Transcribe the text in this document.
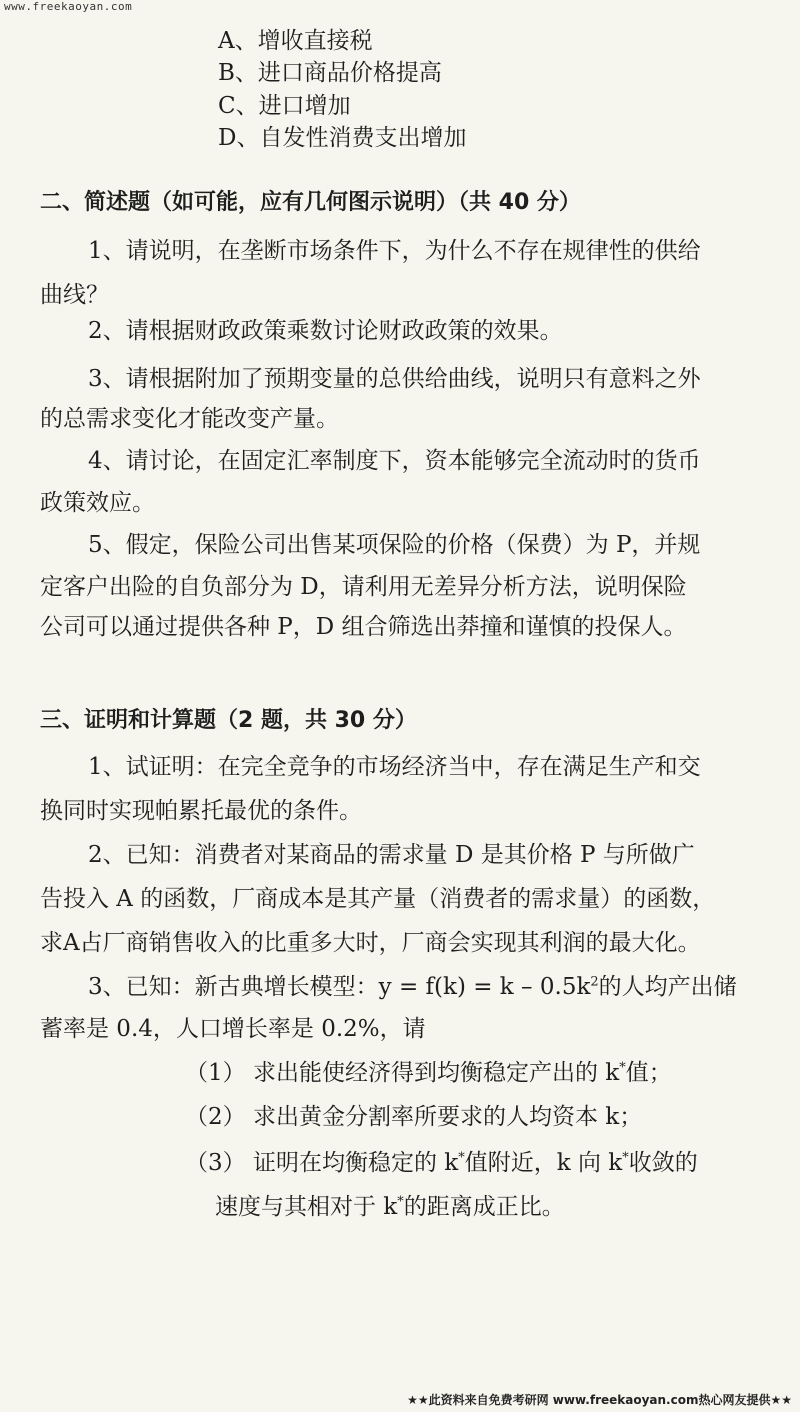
www.freekaoyan.com
A、增收直接税
B、进口商品价格提高
C、进口增加
D、自发性消费支出增加
二、简述题（如可能，应有几何图示说明）（共 40 分）
1、请说明，在垄断市场条件下，为什么不存在规律性的供给
曲线？
2、请根据财政政策乘数讨论财政政策的效果。
3、请根据附加了预期变量的总供给曲线，说明只有意料之外
的总需求变化才能改变产量。
4、请讨论，在固定汇率制度下，资本能够完全流动时的货币
政策效应。
5、假定，保险公司出售某项保险的价格（保费）为 P，并规
定客户出险的自负部分为 D，请利用无差异分析方法，说明保险
公司可以通过提供各种 P，D 组合筛选出莽撞和谨慎的投保人。
三、证明和计算题（2 题，共 30 分）
1、试证明：在完全竞争的市场经济当中，存在满足生产和交
换同时实现帕累托最优的条件。
2、已知：消费者对某商品的需求量 D 是其价格 P 与所做广
告投入 A 的函数，厂商成本是其产量（消费者的需求量）的函数，
求A占厂商销售收入的比重多大时，厂商会实现其利润的最大化。
3、已知：新古典增长模型：$y = f(k) = k - 0.5k^2$的人均产出储
蓄率是 0.4，人口增长率是 0.2%，请
（1） 求出能使经济得到均衡稳定产出的 k*值；
（2） 求出黄金分割率所要求的人均资本 k；
（3） 证明在均衡稳定的 k*值附近，k 向 k*收敛的
速度与其相对于 k*的距离成正比。
★★此资料来自免费考研网 www.freekaoyan.com热心网友提供★★
